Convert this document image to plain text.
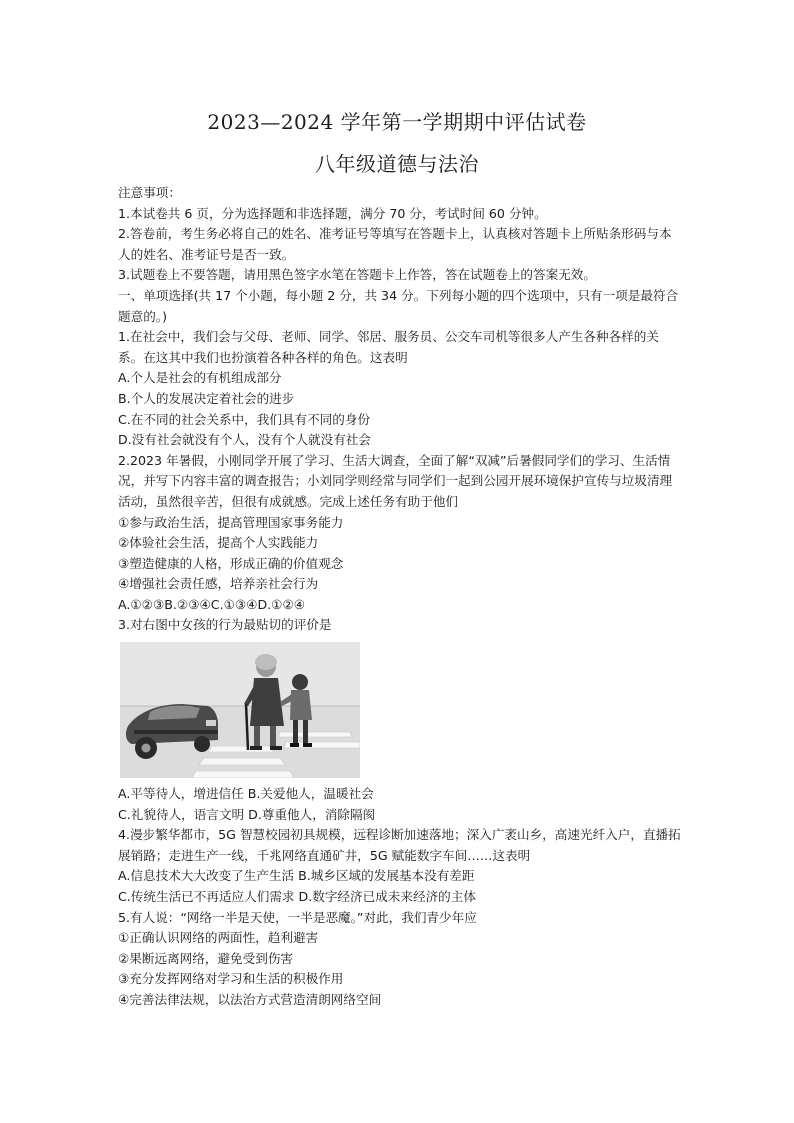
2023—2024 学年第一学期期中评估试卷
八年级道德与法治

注意事项：

1.本试卷共 6 页，分为选择题和非选择题，满分 70 分，考试时间 60 分钟。

2.答卷前，考生务必将自己的姓名、准考证号等填写在答题卡上，认真核对答题卡上所贴条形码与本人的姓名、准考证号是否一致。

3.试题卷上不要答题，请用黑色签字水笔在答题卡上作答，答在试题卷上的答案无效。

一、单项选择(共 17 个小题，每小题 2 分，共 34 分。下列每小题的四个选项中，只有一项是最符合题意的。)

1.在社会中，我们会与父母、老师、同学、邻居、服务员、公交车司机等很多人产生各种各样的关系。在这其中我们也扮演着各种各样的角色。这表明

A.个人是社会的有机组成部分

B.个人的发展决定着社会的进步

C.在不同的社会关系中，我们具有不同的身份

D.没有社会就没有个人，没有个人就没有社会

2.2023 年暑假，小刚同学开展了学习、生活大调查，全面了解“双减”后暑假同学们的学习、生活情况，并写下内容丰富的调查报告；小刘同学则经常与同学们一起到公园开展环境保护宣传与垃圾清理活动，虽然很辛苦，但很有成就感。完成上述任务有助于他们

①参与政治生活，提高管理国家事务能力

②体验社会生活，提高个人实践能力

③塑造健康的人格，形成正确的价值观念

④增强社会责任感，培养亲社会行为

A.①②③B.②③④C.①③④D.①②④

3.对右图中女孩的行为最贴切的评价是

A.平等待人，增进信任 B.关爱他人，温暖社会

C.礼貌待人，语言文明 D.尊重他人，消除隔阂

4.漫步繁华都市，5G 智慧校园初具规模，远程诊断加速落地；深入广袤山乡，高速光纤入户，直播拓展销路；走进生产一线，千兆网络直通矿井，5G 赋能数字车间……这表明

A.信息技术大大改变了生产生活 B.城乡区域的发展基本没有差距

C.传统生活已不再适应人们需求 D.数字经济已成未来经济的主体

5.有人说：“网络一半是天使，一半是恶魔。”对此，我们青少年应

①正确认识网络的两面性，趋利避害

②果断远离网络，避免受到伤害

③充分发挥网络对学习和生活的积极作用

④完善法律法规，以法治方式营造清朗网络空间
